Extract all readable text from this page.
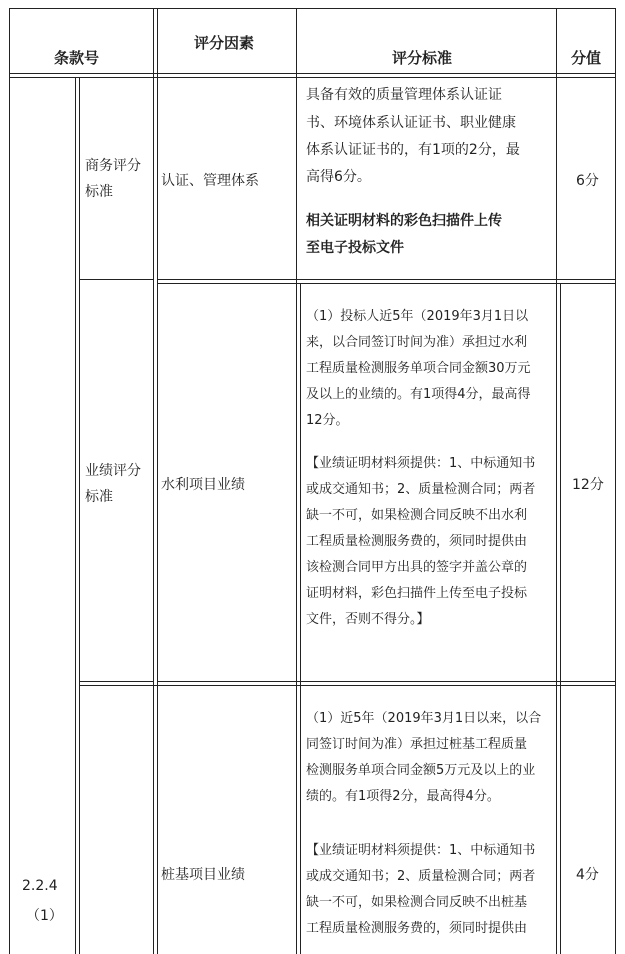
条款号
评分因素
评分标准	分值
2.2.4
（1）
商务评分
标准
认证、管理体系
具备有效的质量管理体系认证证
书、环境体系认证证书、职业健康
体系认证证书的，有1项的2分，最
高得6分。
相关证明材料的彩色扫描件上传
至电子投标文件
6分
业绩评分
标准
水利项目业绩
（1）投标人近5年（2019年3月1日以
来，以合同签订时间为准）承担过水利
工程质量检测服务单项合同金额30万元
及以上的业绩的。有1项得4分，最高得
12分。
【业绩证明材料须提供：1、中标通知书
或成交通知书；2、质量检测合同；两者
缺一不可，如果检测合同反映不出水利
工程质量检测服务费的，须同时提供由
该检测合同甲方出具的签字并盖公章的
证明材料，彩色扫描件上传至电子投标
文件，否则不得分。】
12分
桩基项目业绩
（1）近5年（2019年3月1日以来，以合
同签订时间为准）承担过桩基工程质量
检测服务单项合同金额5万元及以上的业
绩的。有1项得2分，最高得4分。
【业绩证明材料须提供：1、中标通知书
或成交通知书；2、质量检测合同；两者
缺一不可，如果检测合同反映不出桩基
工程质量检测服务费的，须同时提供由
4分
